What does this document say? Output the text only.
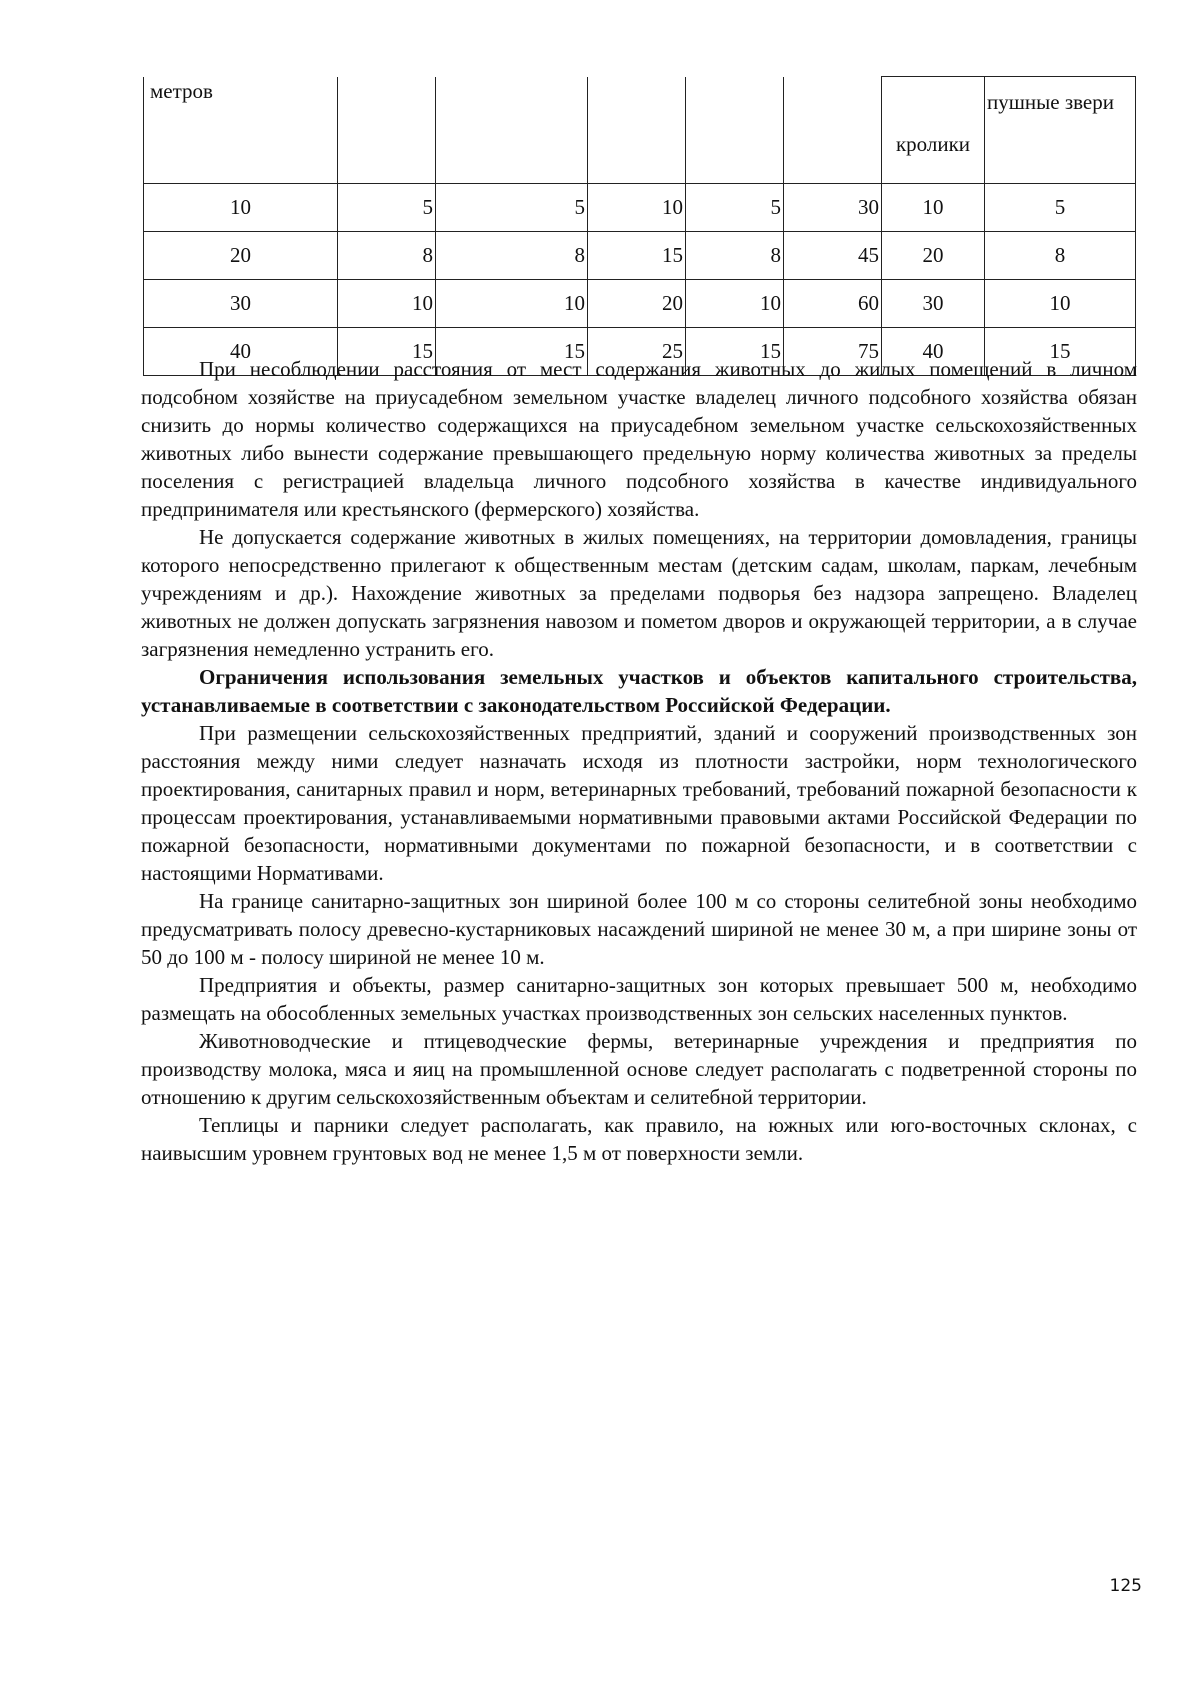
метров						кролики	пушные звери
10	5	5	10	5	30	10	5
20	8	8	15	8	45	20	8
30	10	10	20	10	60	30	10
40	15	15	25	15	75	40	15

При несоблюдении расстояния от мест содержания животных до жилых помещений в личном подсобном хозяйстве на приусадебном земельном участке владелец личного подсобного хозяйства обязан снизить до нормы количество содержащихся на приусадебном земельном участке сельскохозяйственных животных либо вынести содержание превышающего предельную норму количества животных за пределы поселения с регистрацией владельца личного подсобного хозяйства в качестве индивидуального предпринимателя или крестьянского (фермерского) хозяйства.

Не допускается содержание животных в жилых помещениях, на территории домовладения, границы которого непосредственно прилегают к общественным местам (детским садам, школам, паркам, лечебным учреждениям и др.). Нахождение животных за пределами подворья без надзора запрещено. Владелец животных не должен допускать загрязнения навозом и пометом дворов и окружающей территории, а в случае загрязнения немедленно устранить его.

Ограничения использования земельных участков и объектов капитального строительства, устанавливаемые в соответствии с законодательством Российской Федерации.

При размещении сельскохозяйственных предприятий, зданий и сооружений производственных зон расстояния между ними следует назначать исходя из плотности застройки, норм технологического проектирования, санитарных правил и норм, ветеринарных требований, требований пожарной безопасности к процессам проектирования, устанавливаемыми нормативными правовыми актами Российской Федерации по пожарной безопасности, нормативными документами по пожарной безопасности, и в соответствии с настоящими Нормативами.

На границе санитарно-защитных зон шириной более 100 м со стороны селитебной зоны необходимо предусматривать полосу древесно-кустарниковых насаждений шириной не менее 30 м, а при ширине зоны от 50 до 100 м - полосу шириной не менее 10 м.

Предприятия и объекты, размер санитарно-защитных зон которых превышает 500 м, необходимо размещать на обособленных земельных участках производственных зон сельских населенных пунктов.

Животноводческие и птицеводческие фермы, ветеринарные учреждения и предприятия по производству молока, мяса и яиц на промышленной основе следует располагать с подветренной стороны по отношению к другим сельскохозяйственным объектам и селитебной территории.

Теплицы и парники следует располагать, как правило, на южных или юго-восточных склонах, с наивысшим уровнем грунтовых вод не менее 1,5 м от поверхности земли.

125
